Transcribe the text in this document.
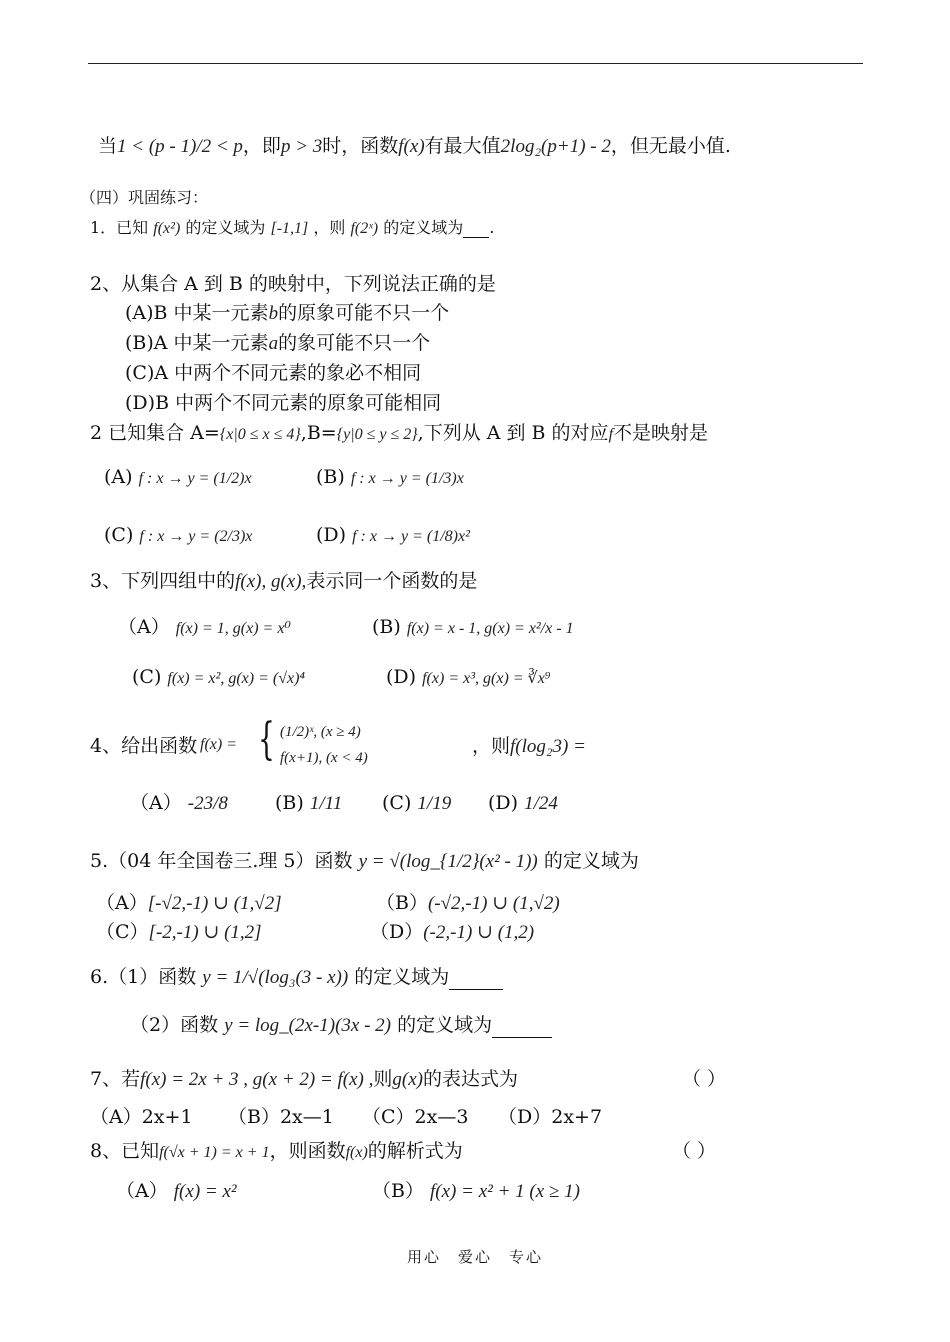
当1 < (p - 1)/2 < p，即p > 3时，函数f(x)有最大值2log₂(p+1) - 2，但无最小值.
（四）巩固练习：
1．已知 f(x²) 的定义域为 [-1,1] ，则 f(2ˣ) 的定义域为 .
2、从集合 A 到 B 的映射中，下列说法正确的是
(A)B 中某一元素b的原象可能不只一个
(B)A 中某一元素a的象可能不只一个
(C)A 中两个不同元素的象必不相同
(D)B 中两个不同元素的原象可能相同
2 已知集合 A={x|0 ≤ x ≤ 4},B={y|0 ≤ y ≤ 2},下列从 A 到 B 的对应f不是映射是
(A) f : x → y = (1/2)x	(B) f : x → y = (1/3)x
(C) f : x → y = (2/3)x	(D) f : x → y = (1/8)x²
3、下列四组中的f(x), g(x),表示同一个函数的是
（A） f(x) = 1, g(x) = x⁰	(B) f(x) = x - 1, g(x) = x²/x - 1
(C) f(x) = x², g(x) = (√x)⁴	(D) f(x) = x³, g(x) = ∛x⁹
4、给出函数 f(x) = { (1/2)ˣ, (x ≥ 4)
f(x+1), (x < 4)
，则f(log₂3) =
（A） -23/8 (B) 1/11 (C) 1/19 (D) 1/24
5.（04 年全国卷三.理 5）函数 y = √(log_{1/2}(x² - 1)) 的定义域为
（A）[-√2,-1) ∪ (1,√2]	（B）(-√2,-1) ∪ (1,√2)
（C）[-2,-1) ∪ (1,2]	（D）(-2,-1) ∪ (1,2)
6.（1）函数 y = 1/√(log₃(3 - x)) 的定义域为
（2）函数 y = log_(2x-1)(3x - 2) 的定义域为
7、若f(x) = 2x + 3 , g(x + 2) = f(x) ,则g(x)的表达式为	（ ）
（A）2x+1 （B）2x—1 （C）2x—3 （D）2x+7
8、已知f(√x + 1) = x + 1，则函数f(x)的解析式为	（ ）
（A） f(x) = x²	（B） f(x) = x² + 1 (x ≥ 1)
用心　爱心　专心
